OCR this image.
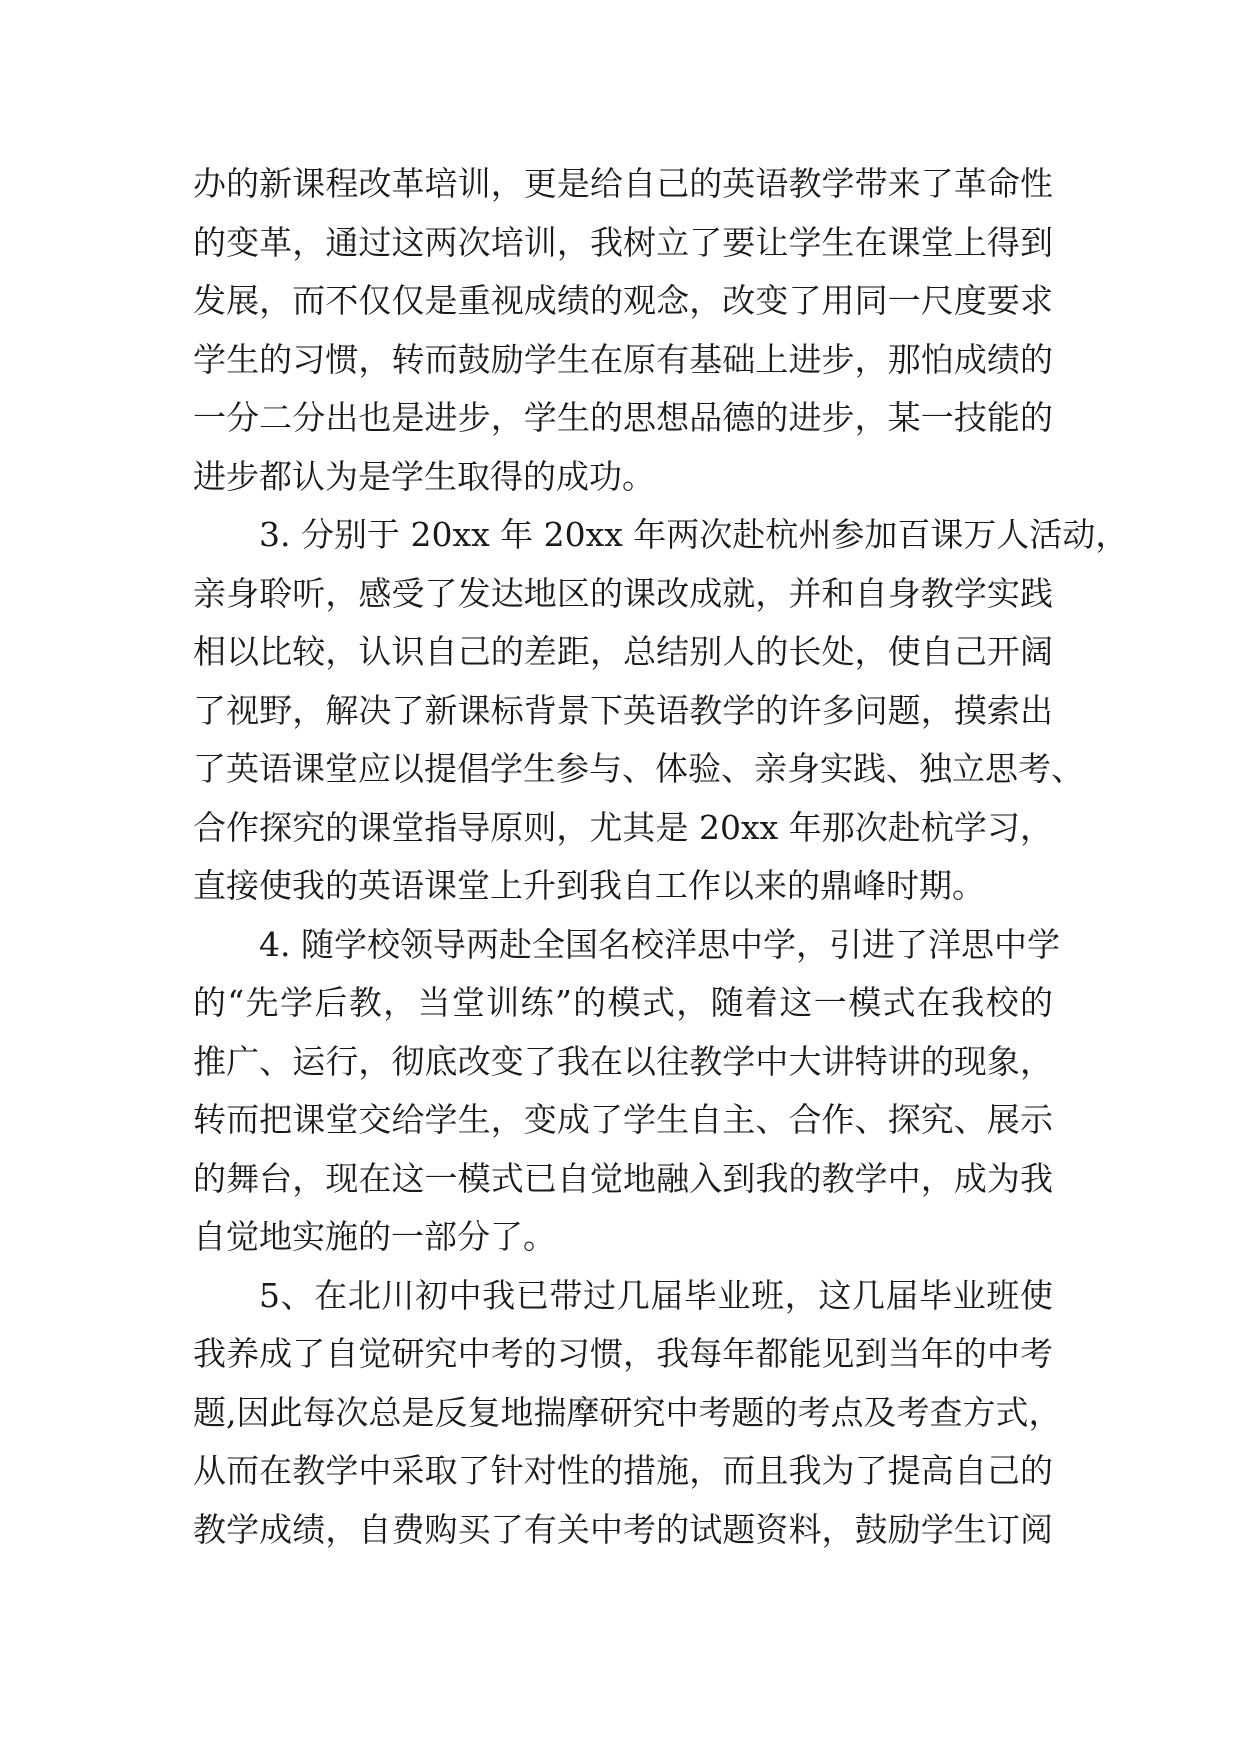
办的新课程改革培训，更是给自己的英语教学带来了革命性
的变革，通过这两次培训，我树立了要让学生在课堂上得到
发展，而不仅仅是重视成绩的观念，改变了用同一尺度要求
学生的习惯，转而鼓励学生在原有基础上进步，那怕成绩的
一分二分出也是进步，学生的思想品德的进步，某一技能的
进步都认为是学生取得的成功。
3. 分别于 20xx 年 20xx 年两次赴杭州参加百课万人活动，
亲身聆听，感受了发达地区的课改成就，并和自身教学实践
相以比较，认识自己的差距，总结别人的长处，使自己开阔
了视野，解决了新课标背景下英语教学的许多问题，摸索出
了英语课堂应以提倡学生参与、体验、亲身实践、独立思考、
合作探究的课堂指导原则，尤其是 20xx 年那次赴杭学习，
直接使我的英语课堂上升到我自工作以来的鼎峰时期。
4. 随学校领导两赴全国名校洋思中学，引进了洋思中学
的“先学后教，当堂训练”的模式，随着这一模式在我校的
推广、运行，彻底改变了我在以往教学中大讲特讲的现象，
转而把课堂交给学生，变成了学生自主、合作、探究、展示
的舞台，现在这一模式已自觉地融入到我的教学中，成为我
自觉地实施的一部分了。
5、在北川初中我已带过几届毕业班，这几届毕业班使
我养成了自觉研究中考的习惯，我每年都能见到当年的中考
题,因此每次总是反复地揣摩研究中考题的考点及考查方式，
从而在教学中采取了针对性的措施，而且我为了提高自己的
教学成绩，自费购买了有关中考的试题资料，鼓励学生订阅
